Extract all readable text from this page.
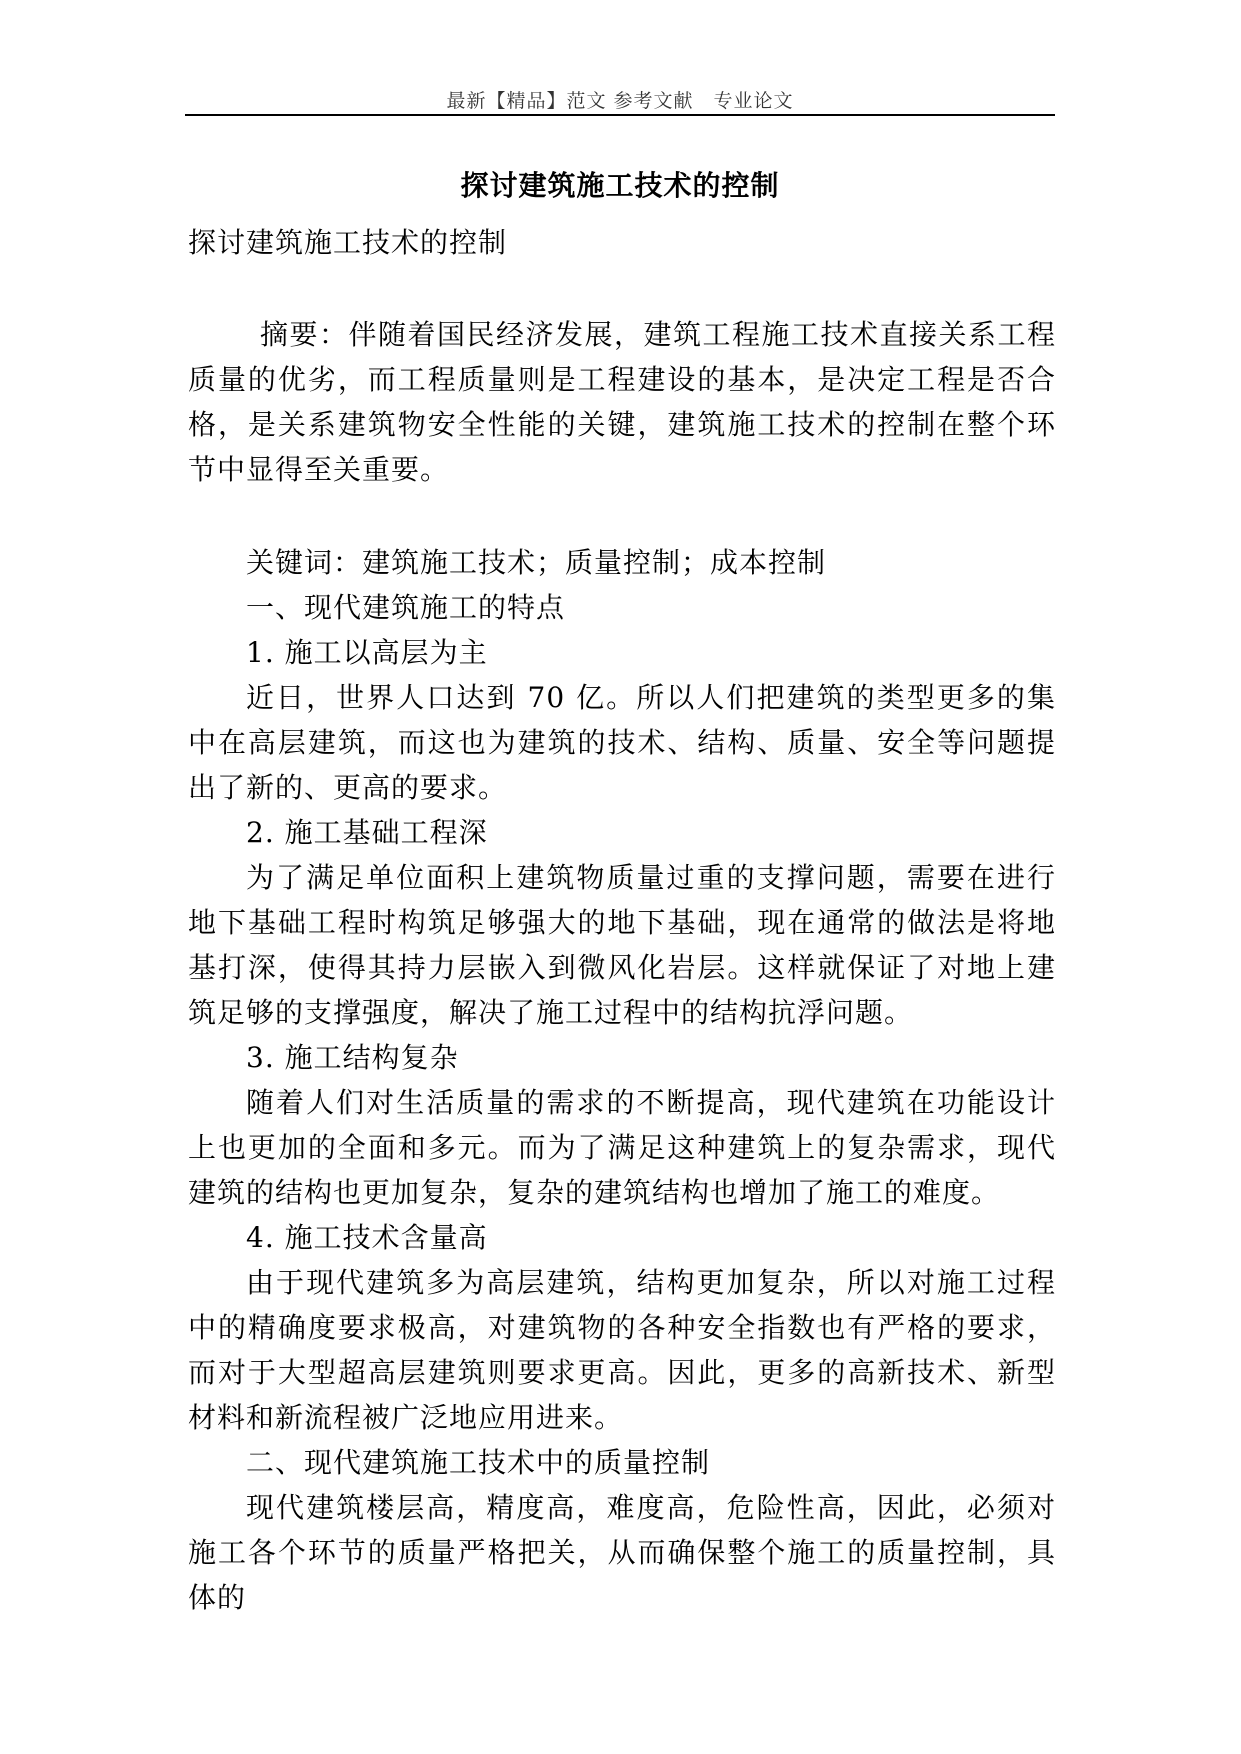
最新【精品】范文 参考文献　专业论文
探讨建筑施工技术的控制
探讨建筑施工技术的控制
摘要：伴随着国民经济发展，建筑工程施工技术直接关系工程质量的优劣，而工程质量则是工程建设的基本，是决定工程是否合格，是关系建筑物安全性能的关键，建筑施工技术的控制在整个环节中显得至关重要。

关键词：建筑施工技术；质量控制；成本控制

一、现代建筑施工的特点

1. 施工以高层为主

近日，世界人口达到 70 亿。所以人们把建筑的类型更多的集中在高层建筑，而这也为建筑的技术、结构、质量、安全等问题提出了新的、更高的要求。

2. 施工基础工程深

为了满足单位面积上建筑物质量过重的支撑问题，需要在进行地下基础工程时构筑足够强大的地下基础，现在通常的做法是将地基打深，使得其持力层嵌入到微风化岩层。这样就保证了对地上建筑足够的支撑强度，解决了施工过程中的结构抗浮问题。

3. 施工结构复杂

随着人们对生活质量的需求的不断提高，现代建筑在功能设计上也更加的全面和多元。而为了满足这种建筑上的复杂需求，现代建筑的结构也更加复杂，复杂的建筑结构也增加了施工的难度。

4. 施工技术含量高

由于现代建筑多为高层建筑，结构更加复杂，所以对施工过程中的精确度要求极高，对建筑物的各种安全指数也有严格的要求，而对于大型超高层建筑则要求更高。因此，更多的高新技术、新型材料和新流程被广泛地应用进来。

二、现代建筑施工技术中的质量控制

现代建筑楼层高，精度高，难度高，危险性高，因此，必须对施工各个环节的质量严格把关，从而确保整个施工的质量控制，具体的
